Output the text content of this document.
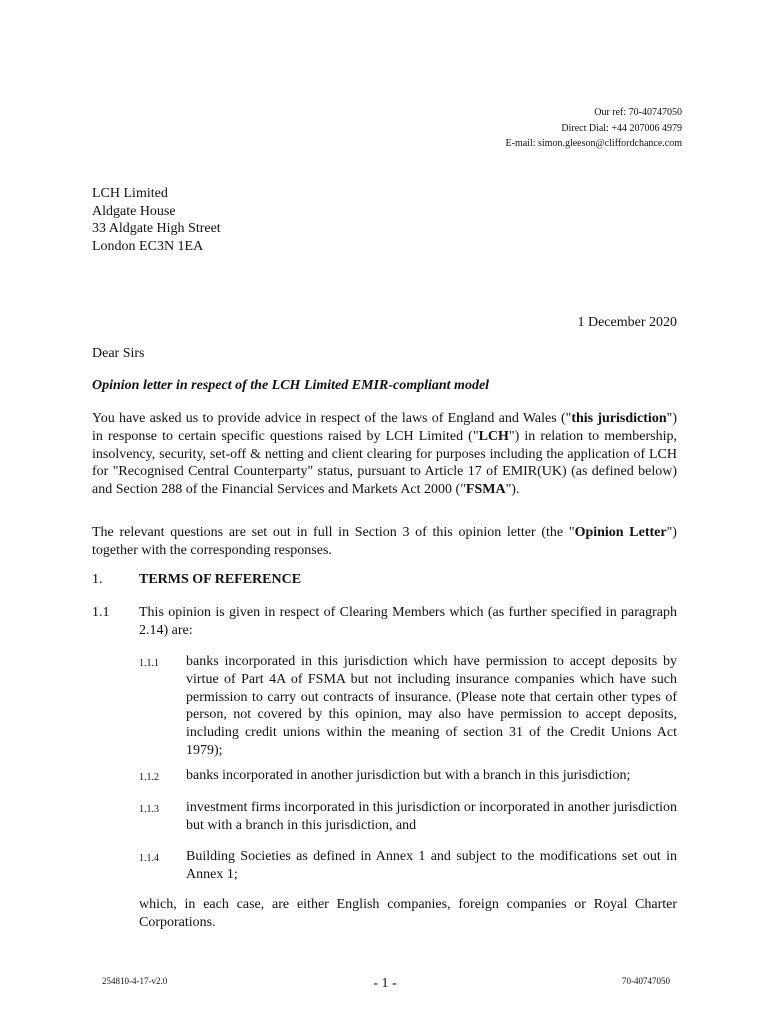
Our ref: 70-40747050
Direct Dial: +44 207006 4979
E-mail: simon.gleeson@cliffordchance.com
LCH Limited
Aldgate House
33 Aldgate High Street
London EC3N 1EA
1 December 2020
Dear Sirs
Opinion letter in respect of the LCH Limited EMIR-compliant model

You have asked us to provide advice in respect of the laws of England and Wales ("this jurisdiction") in response to certain specific questions raised by LCH Limited ("LCH") in relation to membership, insolvency, security, set-off & netting and client clearing for purposes including the application of LCH for "Recognised Central Counterparty" status, pursuant to Article 17 of EMIR(UK) (as defined below) and Section 288 of the Financial Services and Markets Act 2000 ("FSMA").

The relevant questions are set out in full in Section 3 of this opinion letter (the "Opinion Letter") together with the corresponding responses.

1.	TERMS OF REFERENCE
1.1 This opinion is given in respect of Clearing Members which (as further specified in paragraph 2.14) are:
1.1.1 banks incorporated in this jurisdiction which have permission to accept deposits by virtue of Part 4A of FSMA but not including insurance companies which have such permission to carry out contracts of insurance. (Please note that certain other types of person, not covered by this opinion, may also have permission to accept deposits, including credit unions within the meaning of section 31 of the Credit Unions Act 1979);
1.1.2 banks incorporated in another jurisdiction but with a branch in this jurisdiction;
1.1.3 investment firms incorporated in this jurisdiction or incorporated in another jurisdiction but with a branch in this jurisdiction, and
1.1.4 Building Societies as defined in Annex 1 and subject to the modifications set out in Annex 1;

which, in each case, are either English companies, foreign companies or Royal Charter Corporations.

254810-4-17-v2.0	- 1 -	70-40747050
